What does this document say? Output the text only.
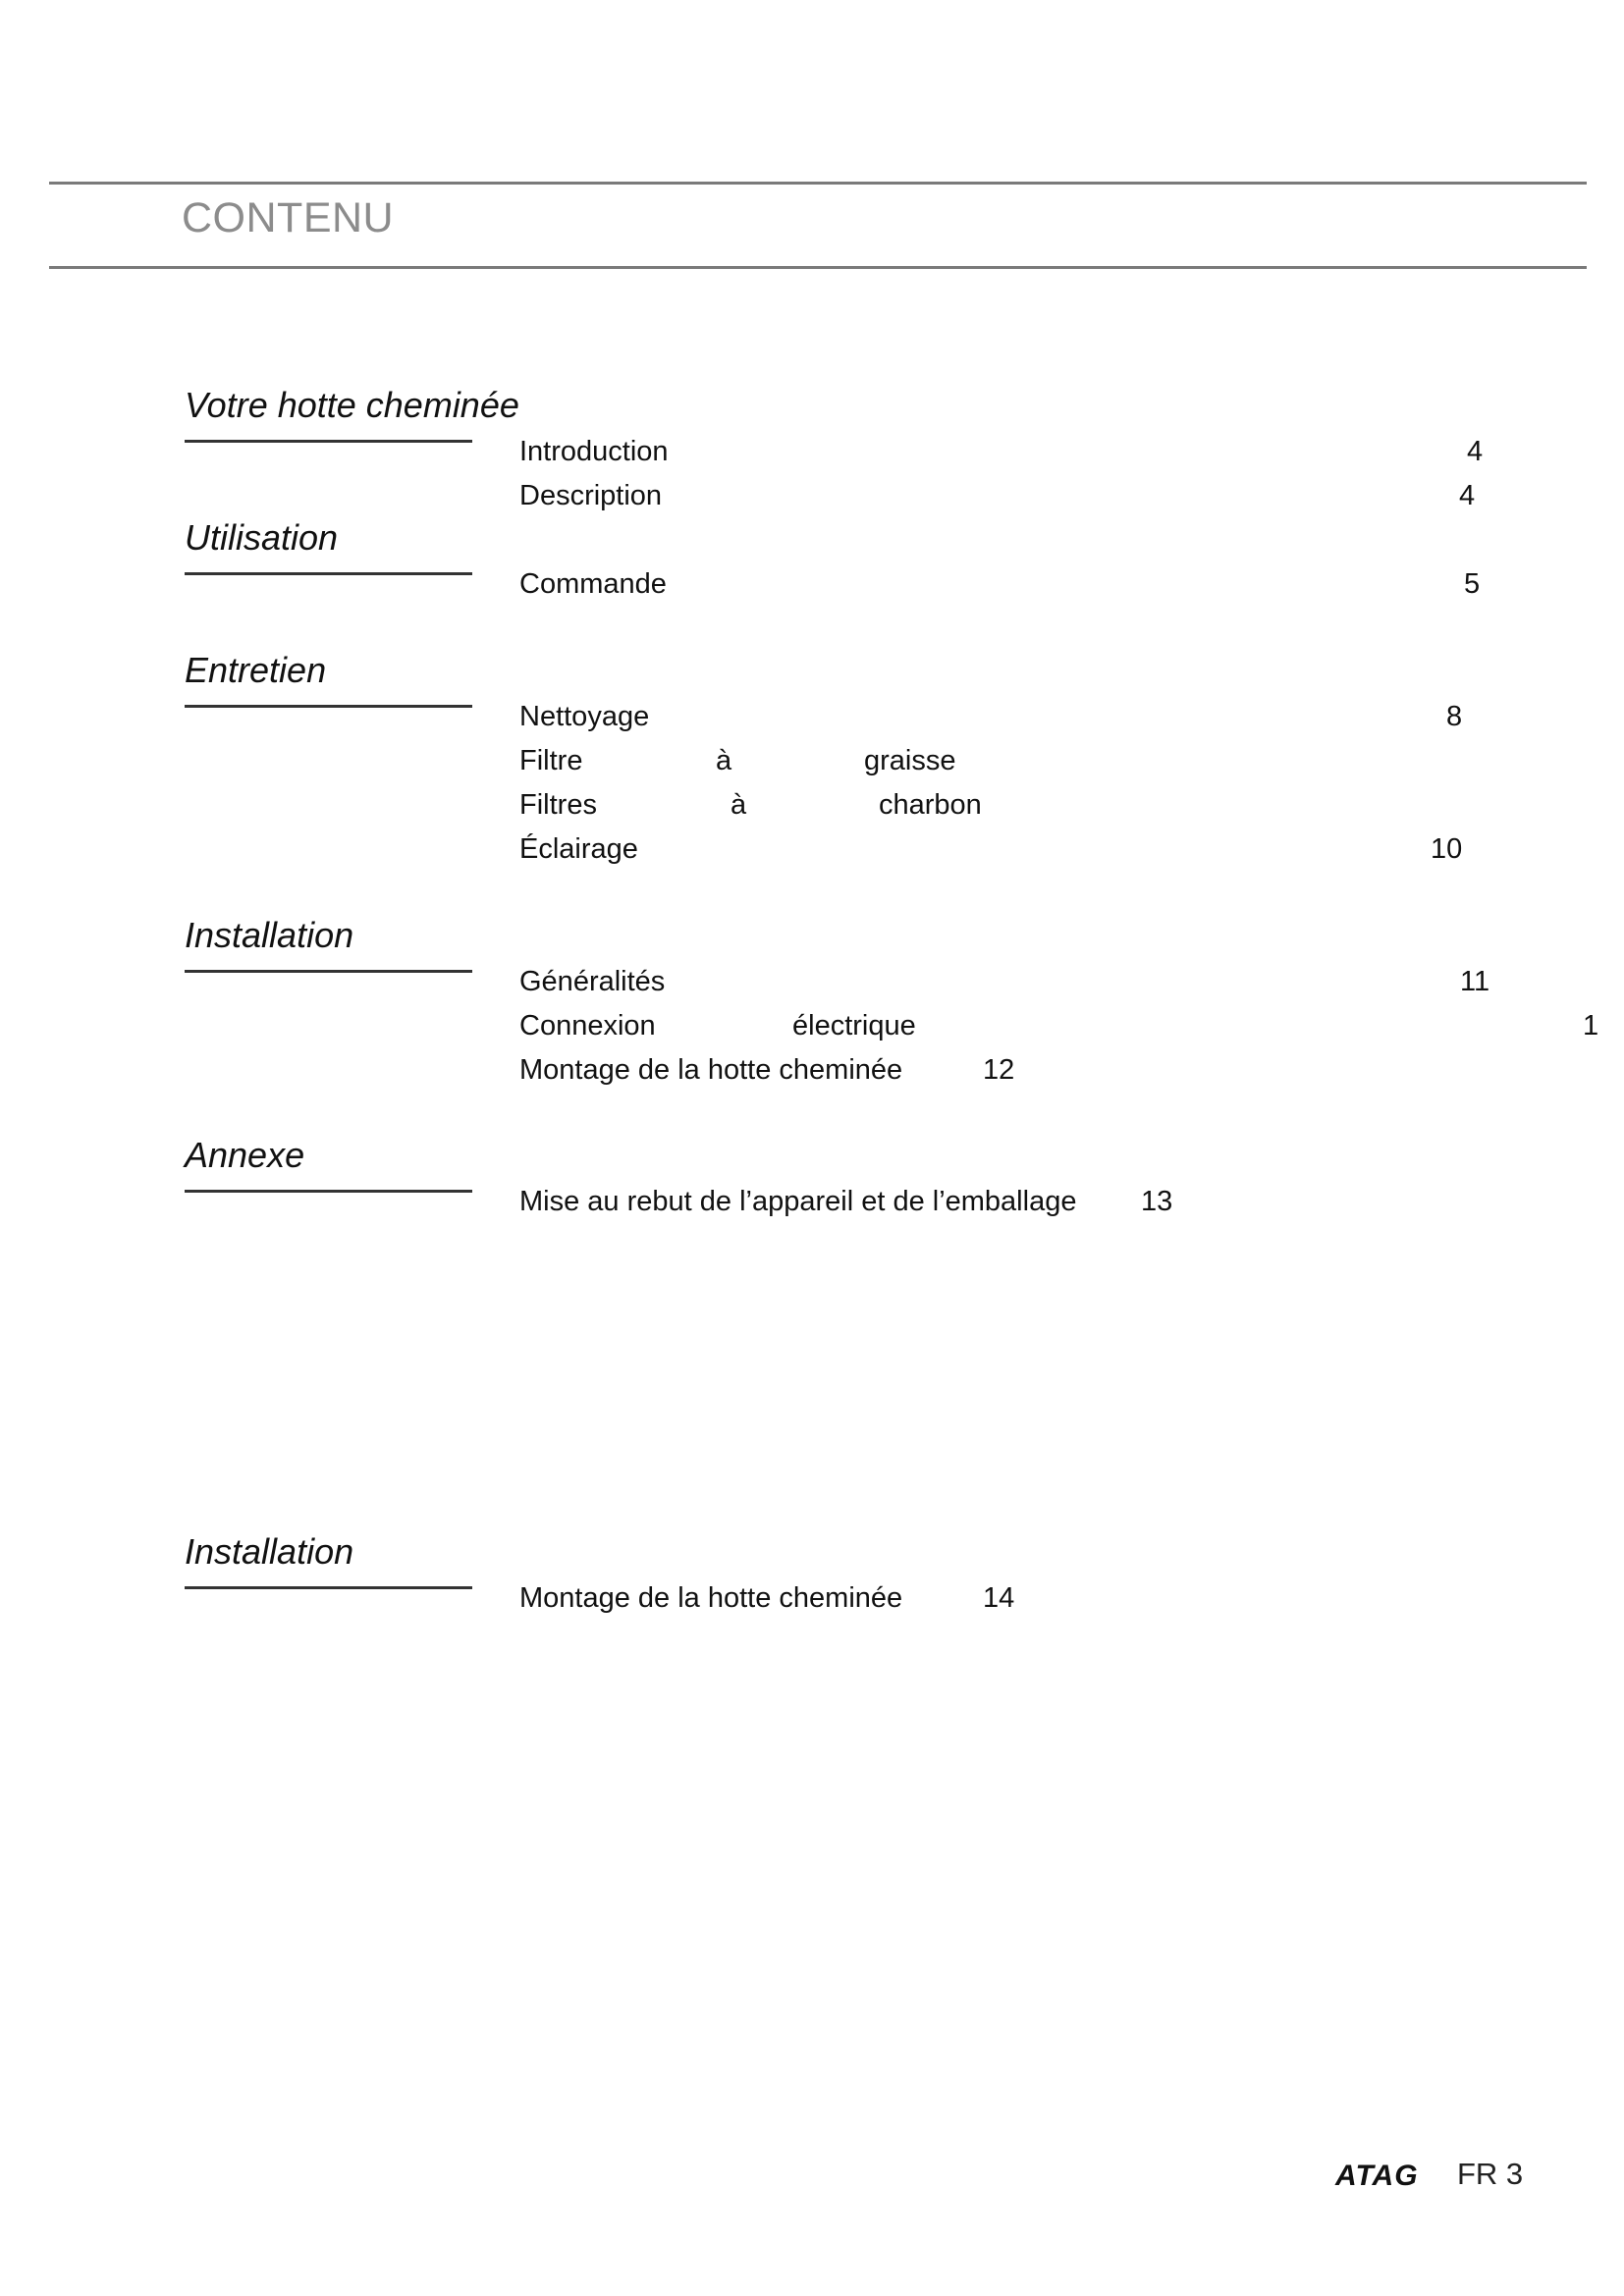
CONTENU
Votre hotte cheminée
Introduction	4
Description	4
Utilisation
Commande	5
Entretien
Nettoyage	8
Filtre	à	graisse
Filtres	à	charbon
Éclairage	10
Installation
Généralités	11
Connexion	électrique	1
Montage de la hotte cheminée	12
Annexe
Mise au rebut de l’appareil et de l’emballage 13
Installation
Montage de la hotte cheminée	14
ATAG FR 3
